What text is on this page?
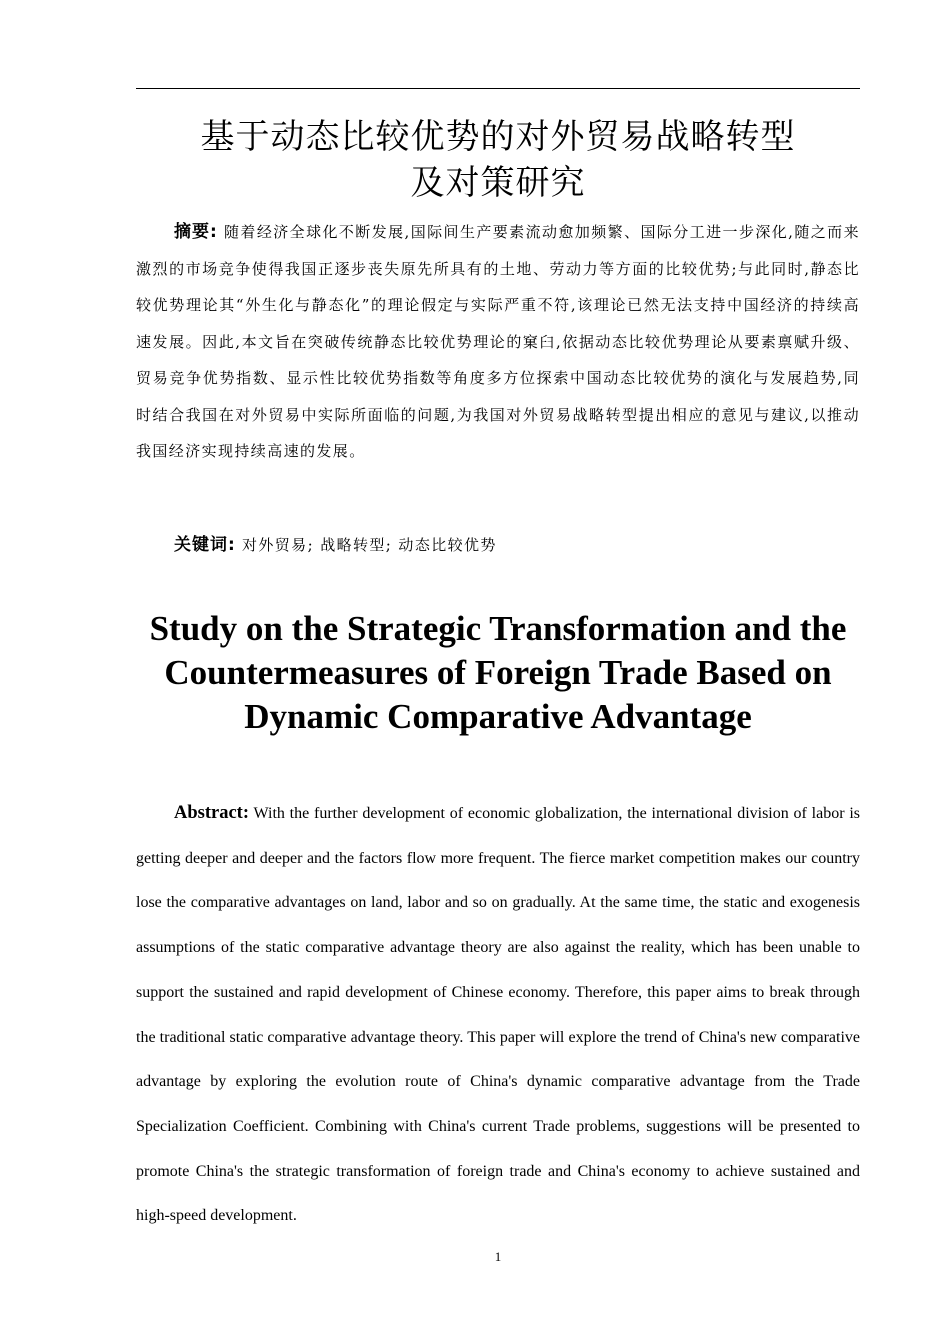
基于动态比较优势的对外贸易战略转型
及对策研究

摘要: 随着经济全球化不断发展,国际间生产要素流动愈加频繁、国际分工进一步深化,随之而来激烈的市场竞争使得我国正逐步丧失原先所具有的土地、劳动力等方面的比较优势;与此同时,静态比较优势理论其“外生化与静态化”的理论假定与实际严重不符,该理论已然无法支持中国经济的持续高速发展。因此,本文旨在突破传统静态比较优势理论的窠臼,依据动态比较优势理论从要素禀赋升级、贸易竞争优势指数、显示性比较优势指数等角度多方位探索中国动态比较优势的演化与发展趋势,同时结合我国在对外贸易中实际所面临的问题,为我国对外贸易战略转型提出相应的意见与建议,以推动我国经济实现持续高速的发展。

关键词: 对外贸易; 战略转型; 动态比较优势

Study on the Strategic Transformation and the
Countermeasures of Foreign Trade Based on
Dynamic Comparative Advantage

Abstract: With the further development of economic globalization, the international division of labor is getting deeper and deeper and the factors flow more frequent. The fierce market competition makes our country lose the comparative advantages on land, labor and so on gradually. At the same time, the static and exogenesis assumptions of the static comparative advantage theory are also against the reality, which has been unable to support the sustained and rapid development of Chinese economy. Therefore, this paper aims to break through the traditional static comparative advantage theory. This paper will explore the trend of China's new comparative advantage by exploring the evolution route of China's dynamic comparative advantage from the Trade Specialization Coefficient. Combining with China's current Trade problems, suggestions will be presented to promote China's the strategic transformation of foreign trade and China's economy to achieve sustained and high-speed development.

1
